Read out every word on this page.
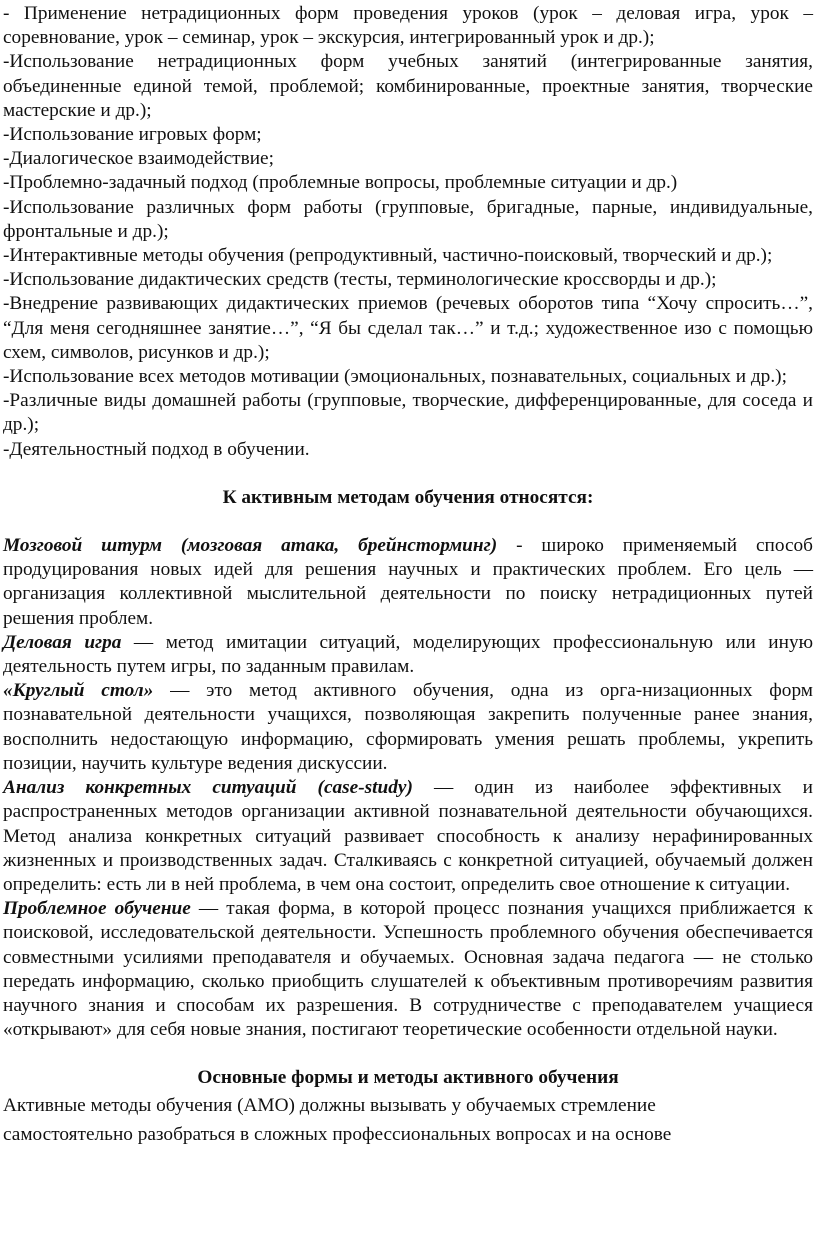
- Применение нетрадиционных форм проведения уроков (урок – деловая игра, урок – соревнование, урок – семинар, урок – экскурсия, интегрированный урок и др.);

-Использование нетрадиционных форм учебных занятий (интегрированные занятия, объединенные единой темой, проблемой; комбинированные, проектные занятия, творческие мастерские и др.);

-Использование игровых форм;

-Диалогическое взаимодействие;

-Проблемно-задачный подход (проблемные вопросы, проблемные ситуации и др.)

-Использование различных форм работы (групповые, бригадные, парные, индивидуальные, фронтальные и др.);

-Интерактивные методы обучения (репродуктивный, частично-поисковый, творческий и др.);

-Использование дидактических средств (тесты, терминологические кроссворды и др.);

-Внедрение развивающих дидактических приемов (речевых оборотов типа “Хочу спросить…”, “Для меня сегодняшнее занятие…”, “Я бы сделал так…” и т.д.; художественное изо с помощью схем, символов, рисунков и др.);

-Использование всех методов мотивации (эмоциональных, познавательных, социальных и др.);

-Различные виды домашней работы (групповые, творческие, дифференцированные, для соседа и др.);

-Деятельностный подход в обучении.

К активным методам обучения относятся:

Мозговой штурм (мозговая атака, брейнсторминг) - широко применяемый способ продуцирования новых идей для решения научных и практических проблем. Его цель — организация коллективной мыслительной деятельности по поиску нетрадиционных путей решения проблем.

Деловая игра — метод имитации ситуаций, моделирующих профессиональную или иную деятельность путем игры, по заданным правилам.

«Круглый стол» — это метод активного обучения, одна из орга-низационных форм познавательной деятельности учащихся, позволяющая закрепить полученные ранее знания, восполнить недостающую информацию, сформировать умения решать проблемы, укрепить позиции, научить культуре ведения дискуссии.

Анализ конкретных ситуаций (case-study) — один из наиболее эффективных и распространенных методов организации активной познавательной деятельности обучающихся. Метод анализа конкретных ситуаций развивает способность к анализу нерафинированных жизненных и производственных задач. Сталкиваясь с конкретной ситуацией, обучаемый должен определить: есть ли в ней проблема, в чем она состоит, определить свое отношение к ситуации.

Проблемное обучение — такая форма, в которой процесс познания учащихся приближается к поисковой, исследовательской деятельности. Успешность проблемного обучения обеспечивается совместными усилиями преподавателя и обучаемых. Основная задача педагога — не столько передать информацию, сколько приобщить слушателей к объективным противоречиям развития научного знания и способам их разрешения. В сотрудничестве с преподавателем учащиеся «открывают» для себя новые знания, постигают теоретические особенности отдельной науки.

Основные формы и методы активного обучения

Активные методы обучения (АМО) должны вызывать у обучаемых стремление

самостоятельно разобраться в сложных профессиональных вопросах и на основе
